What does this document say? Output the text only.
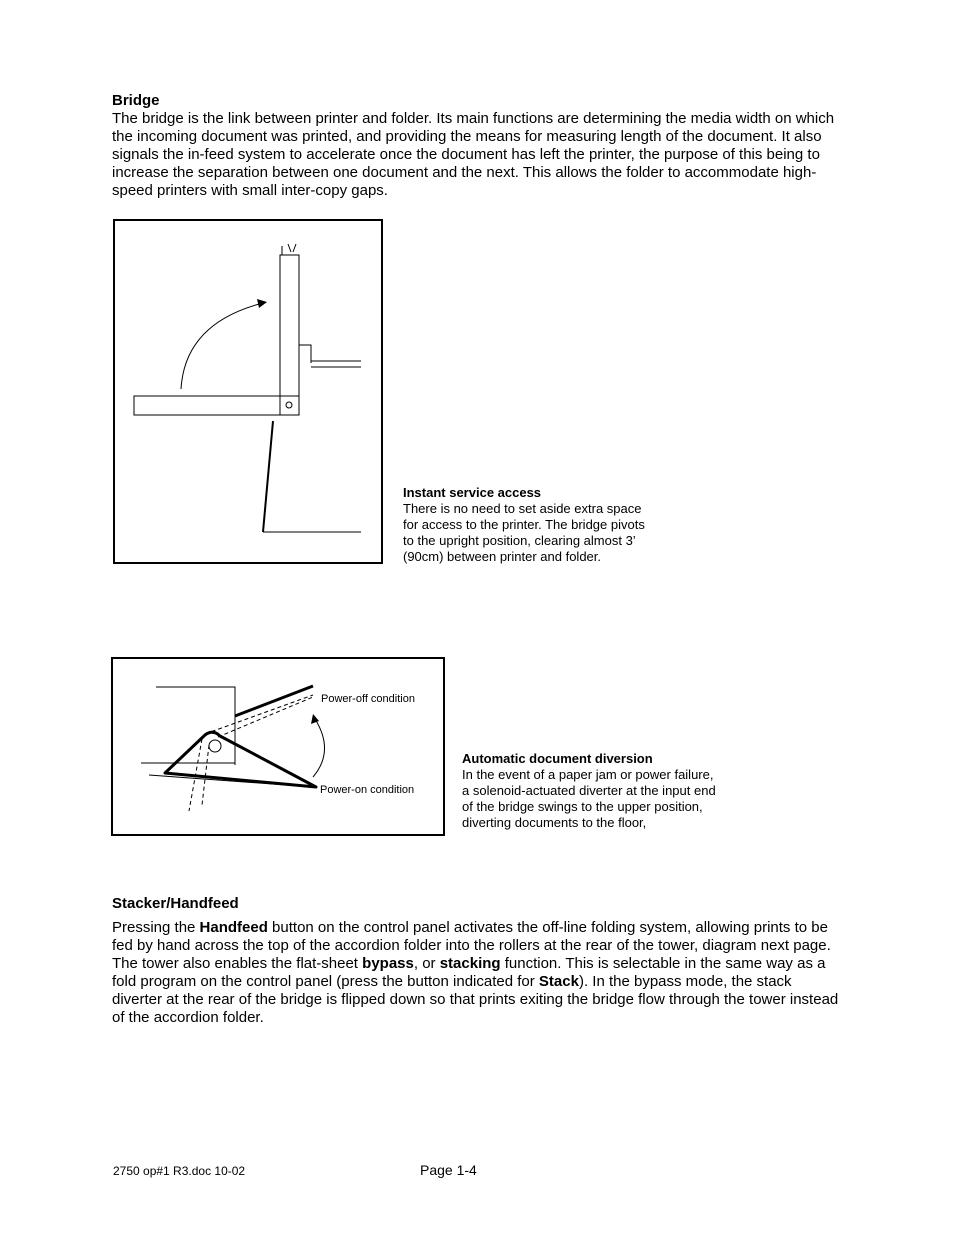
Bridge
The bridge is the link between printer and folder. Its main functions are determining the media width on which the incoming document was printed, and providing the means for measuring length of the document. It also signals the in-feed system to accelerate once the document has left the printer, the purpose of this being to increase the separation between one document and the next. This allows the folder to accommodate high-speed printers with small inter-copy gaps.
Instant service access
There is no need to set aside extra space
for access to the printer. The bridge pivots
to the upright position, clearing almost 3’
(90cm) between printer and folder.
Power-off condition
Power-on condition
Automatic document diversion
In the event of a paper jam or power failure,
a solenoid-actuated diverter at the input end
of the bridge swings to the upper position,
diverting documents to the floor,
Stacker/Handfeed
Pressing the Handfeed button on the control panel activates the off-line folding system, allowing prints to be fed by hand across the top of the accordion folder into the rollers at the rear of the tower, diagram next page. The tower also enables the flat-sheet bypass, or stacking function. This is selectable in the same way as a fold program on the control panel (press the button indicated for Stack). In the bypass mode, the stack diverter at the rear of the bridge is flipped down so that prints exiting the bridge flow through the tower instead of the accordion folder.
2750 op#1 R3.doc 10-02	Page 1-4
